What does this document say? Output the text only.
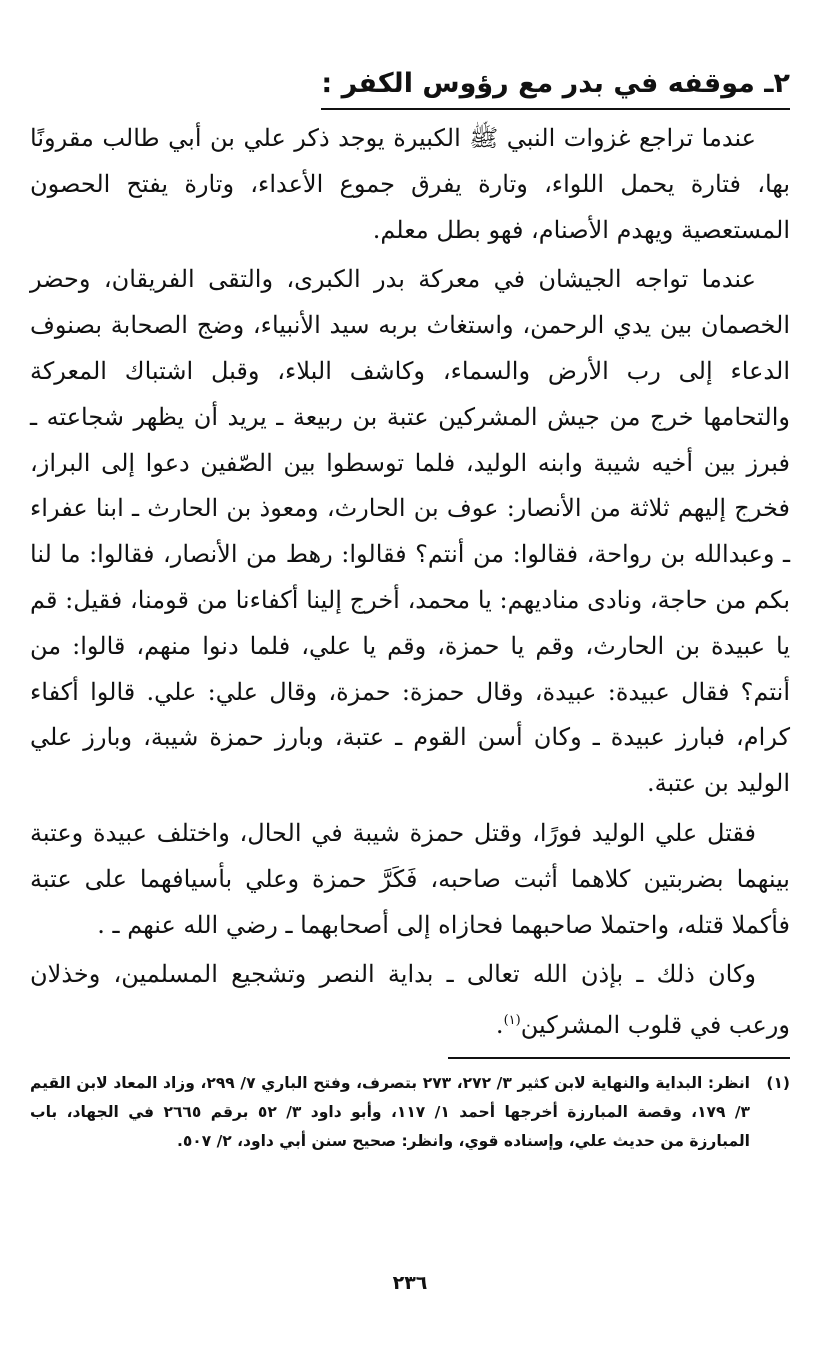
٢ـ موقفه في بدر مع رؤوس الكفر :

عندما تراجع غزوات النبي ﷺ الكبيرة يوجد ذكر علي بن أبي طالب مقرونًا بها، فتارة يحمل اللواء، وتارة يفرق جموع الأعداء، وتارة يفتح الحصون المستعصية ويهدم الأصنام، فهو بطل معلم.

عندما تواجه الجيشان في معركة بدر الكبرى، والتقى الفريقان، وحضر الخصمان بين يدي الرحمن، واستغاث بربه سيد الأنبياء، وضج الصحابة بصنوف الدعاء إلى رب الأرض والسماء، وكاشف البلاء، وقبل اشتباك المعركة والتحامها خرج من جيش المشركين عتبة بن ربيعة ـ يريد أن يظهر شجاعته ـ فبرز بين أخيه شيبة وابنه الوليد، فلما توسطوا بين الصّفين دعوا إلى البراز، فخرج إليهم ثلاثة من الأنصار: عوف بن الحارث، ومعوذ بن الحارث ـ ابنا عفراء ـ وعبدالله بن رواحة، فقالوا: من أنتم؟ فقالوا: رهط من الأنصار، فقالوا: ما لنا بكم من حاجة، ونادى مناديهم: يا محمد، أخرج إلينا أكفاءنا من قومنا، فقيل: قم يا عبيدة بن الحارث، وقم يا حمزة، وقم يا علي، فلما دنوا منهم، قالوا: من أنتم؟ فقال عبيدة: عبيدة، وقال حمزة: حمزة، وقال علي: علي. قالوا أكفاء كرام، فبارز عبيدة ـ وكان أسن القوم ـ عتبة، وبارز حمزة شيبة، وبارز علي الوليد بن عتبة.

فقتل علي الوليد فورًا، وقتل حمزة شيبة في الحال، واختلف عبيدة وعتبة بينهما بضربتين كلاهما أثبت صاحبه، فَكَرَّ حمزة وعلي بأسيافهما على عتبة فأكملا قتله، واحتملا صاحبهما فحازاه إلى أصحابهما ـ رضي الله عنهم ـ .

وكان ذلك ـ بإذن الله تعالى ـ بداية النصر وتشجيع المسلمين، وخذلان ورعب في قلوب المشركين$^{(١)}$.

(١)
انظر: البداية والنهاية لابن كثير ٣/ ٢٧٢، ٢٧٣ بتصرف، وفتح الباري ٧/ ٢٩٩، وزاد المعاد لابن القيم ٣/ ١٧٩، وقصة المبارزة أخرجها أحمد ١/ ١١٧، وأبو داود ٣/ ٥٢ برقم ٢٦٦٥ في الجهاد، باب المبارزة من حديث علي، وإسناده قوي، وانظر: صحيح سنن أبي داود، ٢/ ٥٠٧.
٢٣٦
